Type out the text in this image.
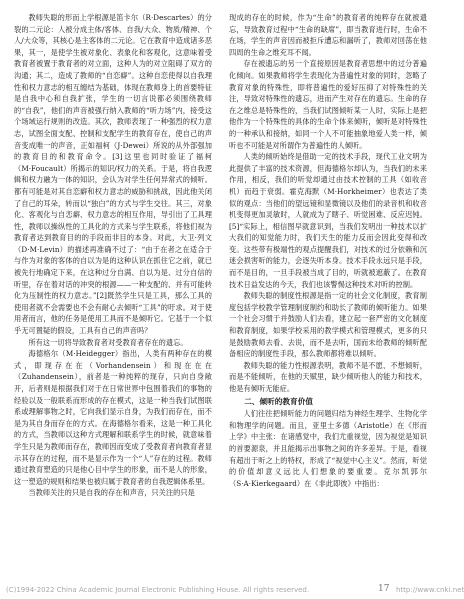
教师失聪的形而上学根源是笛卡尔（R·Descartes）的分裂的二元论：人被分成主体/客体、自我/大众、物质/精神、个人/大众等，其核心是主客体的二元论。它在教育中造成诸多恶果，其一，是使学生被对象化、表象化和客观化，这意味着受教育者被置于教育者的对立面，这种人为的对立阻碍了双方的沟通；其二，造成了教师的“自恋癖”。这种自恋使得以自我理性和权力意志的相互缠结为基础，体现在教师身上的首要特征是自我中心和自我扩张，学生的一切言说都必须围绕教师的“自我”，他们的声音被强行纳入教师的“听力场”内，接受这个场域运行规则的改造。其次，教师表现了一种强烈的权力意志，试图全面支配、控制和支配学生的教育存在，使自己的声音变成唯一的声音，正如福柯（J·Dewei）所说的从外部强加的教育目的和教育命令。[3]这里也同时验证了福柯（M·Foucault）所揭示的知识/权力的关系。于是，将自我逻辑和权力融为一体的知识，会认为对学生任何异常式的倾听。都有可能是对其自恋癖和权力意志的威胁和挑战，因此他关闭了自己的耳朵，转而以“独白”的方式与学生交往。其三，对象化、客观化与自恋癖、权力意志的相互作用，导引出了工具理性，教师以操纵性的工具化的方式来与学生联系，将他们视为教育者达到教育目的的手段而非目的本身。对此，大卫·列文（D·M·Levin）的描述再准确不过了：“由于在者之在适合于与作为对象的客体的自以为是的这种认识在抓住它之前，就已被先行地确定下来，在这种过分自满、自以为是、过分自信的听里，存在着对话的冲突的根源——一种支配的、并有可能转化为压制性的权力意志。”[2]既然学生只是工具，那么工具的使用者就不会需要也不会有耐心去倾听“工具”的吁求。对于使用者而言，他的任务是使用工具而不是倾听它。它基于一个似乎无可置疑的假设，工具有自己的声音吗？

所有这一切将导致教育者对受教育者存在的遗忘。

海德格尔（M·Heidegger）指出，人类有两种存在的模式，即现存在在（Vorhandensein）和现在在在（Zuhandensein），前者是一种纯粹的现存，只向自身敞开，后者则是根据我们对于在日常世界中包围着我们的事物的经验以及一般联系而形成的存在模式，这是一种当我们试图联系或理解事物之时，它向我们显示自身，为我们而存在，而不是为其自身而存在的方式。在海德格尔看来，这是一种工具化的方式，当教师以这种方式理解和联系学生的时候，就意味着学生只是为教师而存在，教师因而变成了受教育者向教育者显示其存在的过程，而不是显示作为一个“人”存在的过程。教师通过教育塑造的只是他心目中学生的形象，而不是人的形象，这一塑造的规则和结果也被归属于教育者的自我逻辑体系里。

当教师关注的只是自我的存在和声音，只关注的只是

现成的存在的时候，作为“生命”的教育者的纯粹存在就被遗忘，导致教育过程中“生命的缺席”，即当教育进行时，生命不在场，学生的声音因而被拒斥遭忘和漏听了，教师对回荡在他四周的生命之维充耳不闻。

存在被遗忘的另一个直接原因是教育者思想中的过分普遍化倾向。如果教师将学生表现化为普遍性对象的同时，忽略了教育对象的特殊性，即将普遍性的爱好压抑了对特殊性的关注，导致对特殊性的遗忘，进而产生对存在的遗忘。生命的存在之维总是特殊性的，当我们试图倾听某一人时，实际上是把他作为一个特殊性的具体的生命个体来倾听，倾听是对特殊性的一种承认和接纳，如同一个人不可能抽象地爱人类一样，倾听也不可能是对所谓作为普遍性的人倾听。

人类的倾听始终是借助一定的技术手段，现代工业文明为此提供了丰富的技术资源，但海德格尔却认为，当我们的未来作用，相反，我们的听觉却通过由技术控制的工具（如收音机）而趋于衰弱。霍克海默（M·Horkheimer）也表达了类似的观点：当他们的望远镜和显微镜以及他们的录音机和收音机变得更加灵敏时，人就成为了瞎子、听觉困难、反应迟钝。[5]“实际上，相信图早就意识到，当我们发明出一种技术以扩大我们的知觉能力时，我们天生的能力反而会因此变得和改变。这些带有极端性的观点提醒我们，对技术的过分依赖和沉迷会损害听的能力，会逐失听本身。技术手段永远只是手段，而不是目的，一旦手段被当成了目的，听就被遮蔽了。在教育技术日益发达的今天，我们也该警惕这种技术对听的控制。

教师失聪的制度性根源是指一定的社会文化制度，教育制度包括学校教学管理制度制约和助长了教师的倾听能力。如果一个社会习惯于并鼓励人们去看，建立起一套严密的文化制度和教育制度，如果学校采用的教学模式和管理模式，更多的只是鼓励教师去看、去说，而不是去听，国而未给教师的倾听配备相应的制度性手段，那么教师都将难以倾听。

教师失聪的能力性根源表明，教师不是不愿、不想倾听，而是不能倾听，在他的天赋里，缺少倾听他人的能力和技术，他是有倾听无能症。

二、倾听的教育价值

人们往往把倾听能力的问题归结为神经生理学、生物化学和物理学的问题。而且，亚里士多德（Aristotle）在《形而上学》中主张：在诸感觉中，我们尤重视觉，因为视觉是知识的首要源泉，并且能揭示出事物之间的许多差异。于是，看视有超出于听之上的特权，形成了“视觉中心主义”。然而，听觉的价值却意义远比人们想象的要重要。克尔凯郭尔（S·A·Kierkegaard）在《非此即彼》中指出：

(C)1994-2022 China Academic Journal Electronic Publishing House. All rights reserved.	17 http://www.cnki.net
